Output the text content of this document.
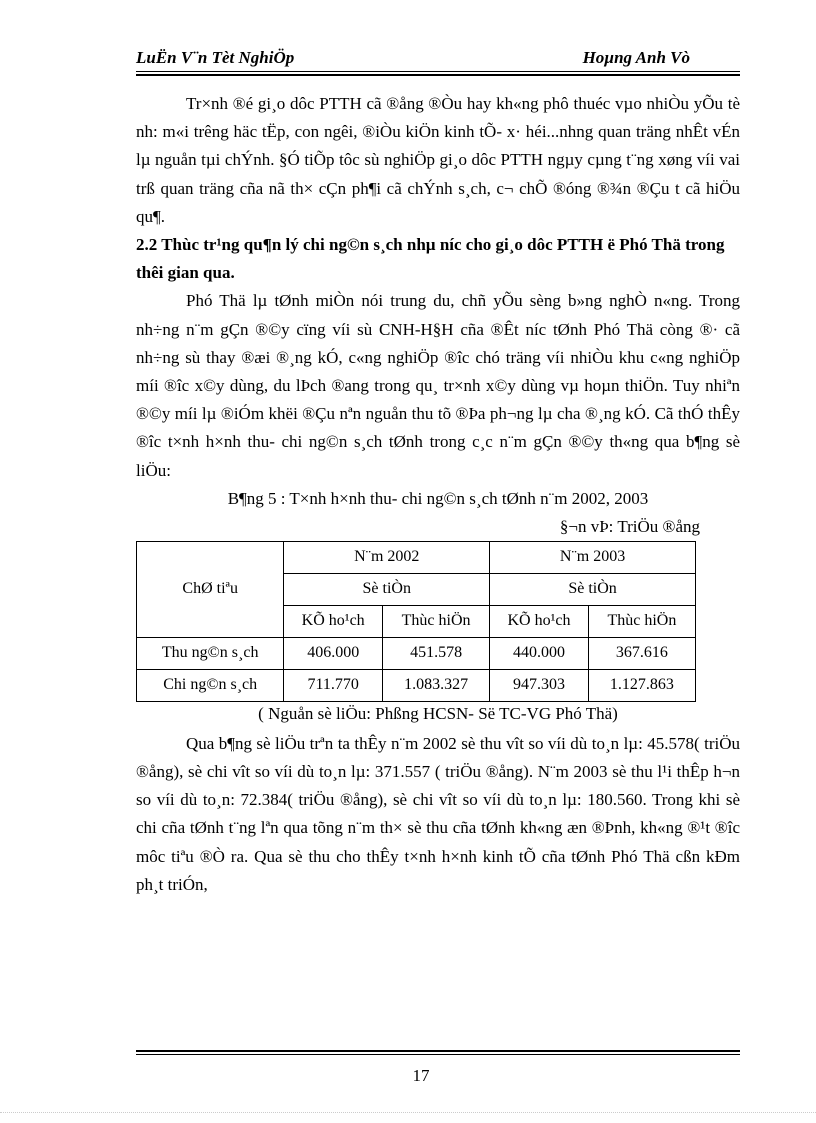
LuËn V¨n Tèt NghiÖp	Hoµng Anh Vò

Tr×nh ®é gi¸o dôc PTTH cã ®ång ®Òu hay kh«ng phô thuéc vµo nhiÒu yÕu tè nh: m«i trêng häc tËp, con ngêi, ®iÒu kiÖn kinh tÕ- x· héi...nhng quan träng nhÊt vÉn lµ nguån tµi chÝnh. §Ó tiÕp tôc sù nghiÖp gi¸o dôc PTTH ngµy cµng t¨ng xøng víi vai trß quan träng cña nã th× cÇn ph¶i cã chÝnh s¸ch, c¬ chÕ ®óng ®¾n ®Çu t cã hiÖu qu¶.

2.2 Thùc tr¹ng qu¶n lý chi ng©n s¸ch nhµ níc cho gi¸o dôc PTTH ë Phó Thä trong thêi gian qua.

Phó Thä lµ tØnh miÒn nói trung du, chñ yÕu sèng b»ng nghÒ n«ng. Trong nh÷ng n¨m gÇn ®©y cïng víi sù CNH-H§H cña ®Êt níc tØnh Phó Thä còng ®· cã nh÷ng sù thay ®æi ®¸ng kÓ, c«ng nghiÖp ®îc chó träng víi nhiÒu khu c«ng nghiÖp míi ®îc x©y dùng, du lÞch ®ang trong qu¸ tr×nh x©y dùng vµ hoµn thiÖn. Tuy nhiªn ®©y míi lµ ®iÓm khëi ®Çu nªn nguån thu tõ ®Þa ph¬ng lµ cha ®¸ng kÓ. Cã thÓ thÊy ®îc t×nh h×nh thu- chi ng©n s¸ch tØnh trong c¸c n¨m gÇn ®©y th«ng qua b¶ng sè liÖu:

B¶ng 5 : T×nh h×nh thu- chi ng©n s¸ch tØnh n¨m 2002, 2003

§¬n vÞ: TriÖu ®ång

ChØ tiªu	N¨m 2002		N¨m 2003	
	Sè tiÒn		Sè tiÒn	
	KÕ ho¹ch	Thùc hiÖn	KÕ ho¹ch	Thùc hiÖn
Thu ng©n s¸ch	406.000	451.578	440.000	367.616
Chi ng©n s¸ch	711.770	1.083.327	947.303	1.127.863

( Nguån sè liÖu: Phßng HCSN- Së TC-VG Phó Thä)

Qua b¶ng sè liÖu trªn ta thÊy n¨m 2002 sè thu vît so víi dù to¸n lµ: 45.578( triÖu ®ång), sè chi vît so víi dù to¸n lµ: 371.557 ( triÖu ®ång). N¨m 2003 sè thu l¹i thÊp h¬n so víi dù to¸n: 72.384( triÖu ®ång), sè chi vît so víi dù to¸n lµ: 180.560. Trong khi sè chi cña tØnh t¨ng lªn qua tõng n¨m th× sè thu cña tØnh kh«ng æn ®Þnh, kh«ng ®¹t ®îc môc tiªu ®Ò ra. Qua sè thu cho thÊy t×nh h×nh kinh tÕ cña tØnh Phó Thä cßn kÐm ph¸t triÓn,

17
